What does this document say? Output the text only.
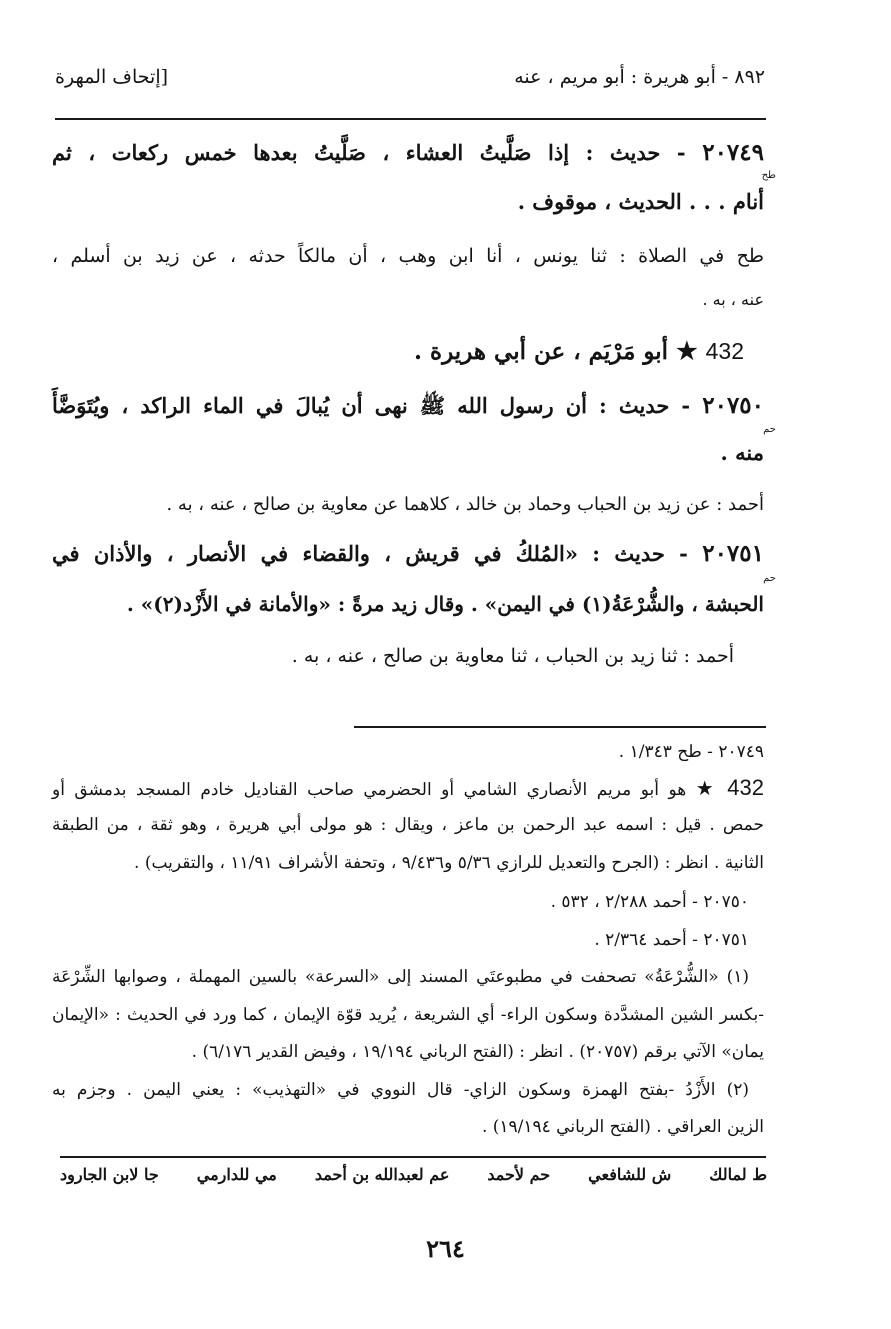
٨٩٢ - أبو هريرة : أبو مريم ، عنه
[إتحاف المهرة
٢٠٧٤٩ - حديث : إذا صَلَّيتُ العشاء ، صَلَّيتُ بعدها خمس ركعات ، ثم
طح
أنام . . . الحديث ، موقوف .
طح في الصلاة : ثنا يونس ، أنا ابن وهب ، أن مالكاً حدثه ، عن زيد بن أسلم ،
عنه ، به .
432 ★ أبو مَرْيَم ، عن أبي هريرة .
٢٠٧٥٠ - حديث : أن رسول الله ﷺ نهى أن يُبالَ في الماء الراكد ، ويُتَوَضَّأَ
حم
منه .
أحمد : عن زيد بن الحباب وحماد بن خالد ، كلاهما عن معاوية بن صالح ، عنه ، به .
٢٠٧٥١ - حديث : «المُلكُ في قريش ، والقضاء في الأنصار ، والأذان في
حم
الحبشة ، والشُّرْعَةُ(١) في اليمن» . وقال زيد مرةً : «والأمانة في الأَزْد(٢)» .
أحمد : ثنا زيد بن الحباب ، ثنا معاوية بن صالح ، عنه ، به .
٢٠٧٤٩ - طح ١/٣٤٣ .
432 ★ هو أبو مريم الأنصاري الشامي أو الحضرمي صاحب القناديل خادم المسجد بدمشق أو
حمص . قيل : اسمه عبد الرحمن بن ماعز ، ويقال : هو مولى أبي هريرة ، وهو ثقة ، من الطبقة
الثانية . انظر : (الجرح والتعديل للرازي ٥/٣٦ و٩/٤٣٦ ، وتحفة الأشراف ١١/٩١ ، والتقريب) .
٢٠٧٥٠ - أحمد ٢/٢٨٨ ، ٥٣٢ .
٢٠٧٥١ - أحمد ٢/٣٦٤ .
(١) «الشُّرْعَةُ» تصحفت في مطبوعتَي المسند إلى «السرعة» بالسين المهملة ، وصوابها الشِّرْعَة
-بكسر الشين المشدَّدة وسكون الراء- أي الشريعة ، يُريد قوّة الإيمان ، كما ورد في الحديث : «الإيمان
يمان» الآتي برقم (٢٠٧٥٧) . انظر : (الفتح الرباني ١٩/١٩٤ ، وفيض القدير ٦/١٧٦) .
(٢) الأَزْدُ -بفتح الهمزة وسكون الزاي- قال النووي في «التهذيب» : يعني اليمن . وجزم به
الزين العراقي . (الفتح الرباني ١٩/١٩٤) .
ط لمالك
ش للشافعي
حم لأحمد
عم لعبدالله بن أحمد
مي للدارمي
جا لابن الجارود
٢٦٤
